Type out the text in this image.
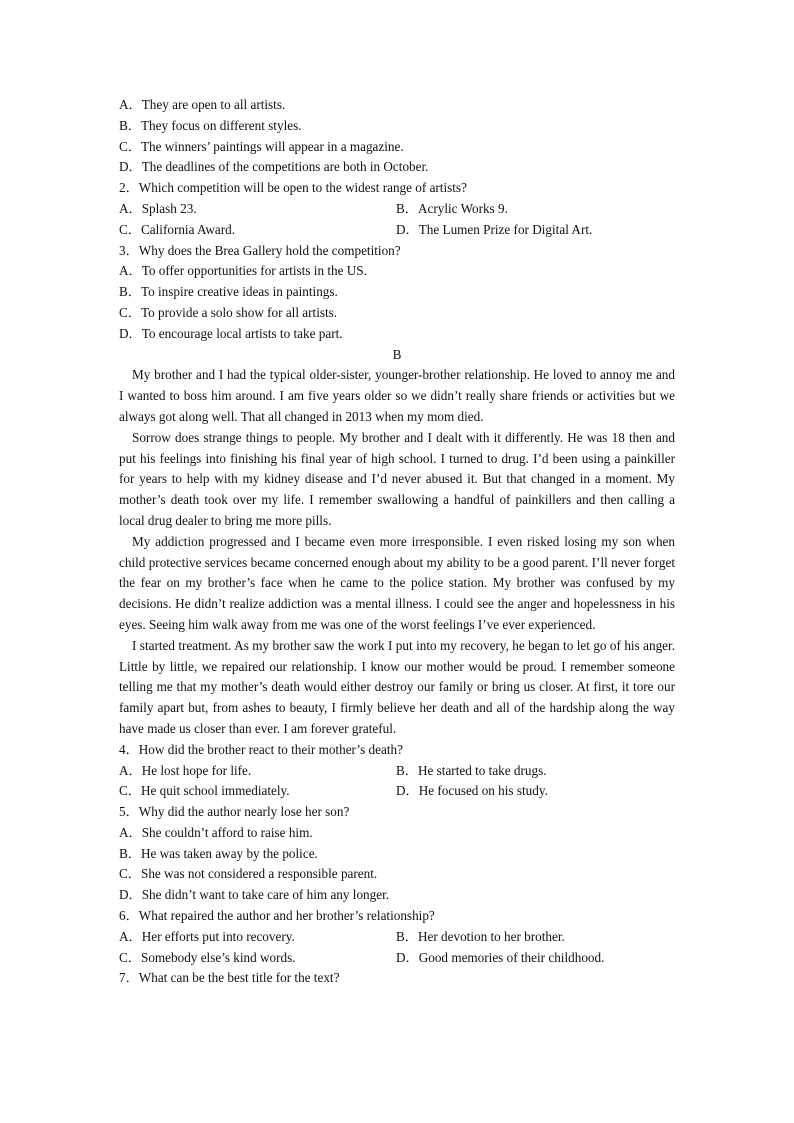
A．They are open to all artists.
B．They focus on different styles.
C．The winners’ paintings will appear in a magazine.
D．The deadlines of the competitions are both in October.
2．Which competition will be open to the widest range of artists?
A．Splash 23.	B．Acrylic Works 9.
C．California Award.	D．The Lumen Prize for Digital Art.
3．Why does the Brea Gallery hold the competition?
A．To offer opportunities for artists in the US.
B．To inspire creative ideas in paintings.
C．To provide a solo show for all artists.
D．To encourage local artists to take part.
B

My brother and I had the typical older-sister, younger-brother relationship. He loved to annoy me and I wanted to boss him around. I am five years older so we didn’t really share friends or activities but we always got along well. That all changed in 2013 when my mom died.

Sorrow does strange things to people. My brother and I dealt with it differently. He was 18 then and put his feelings into finishing his final year of high school. I turned to drug. I’d been using a painkiller for years to help with my kidney disease and I’d never abused it. But that changed in a moment. My mother’s death took over my life. I remember swallowing a handful of painkillers and then calling a local drug dealer to bring me more pills.

My addiction progressed and I became even more irresponsible. I even risked losing my son when child protective services became concerned enough about my ability to be a good parent. I’ll never forget the fear on my brother’s face when he came to the police station. My brother was confused by my decisions. He didn’t realize addiction was a mental illness. I could see the anger and hopelessness in his eyes. Seeing him walk away from me was one of the worst feelings I’ve ever experienced.

I started treatment. As my brother saw the work I put into my recovery, he began to let go of his anger. Little by little, we repaired our relationship. I know our mother would be proud. I remember someone telling me that my mother’s death would either destroy our family or bring us closer. At first, it tore our family apart but, from ashes to beauty, I firmly believe her death and all of the hardship along the way have made us closer than ever. I am forever grateful.

4．How did the brother react to their mother’s death?
A．He lost hope for life.	B．He started to take drugs.
C．He quit school immediately.	D．He focused on his study.
5．Why did the author nearly lose her son?
A．She couldn’t afford to raise him.
B．He was taken away by the police.
C．She was not considered a responsible parent.
D．She didn’t want to take care of him any longer.
6．What repaired the author and her brother’s relationship?
A．Her efforts put into recovery.	B．Her devotion to her brother.
C．Somebody else’s kind words.	D．Good memories of their childhood.
7．What can be the best title for the text?
